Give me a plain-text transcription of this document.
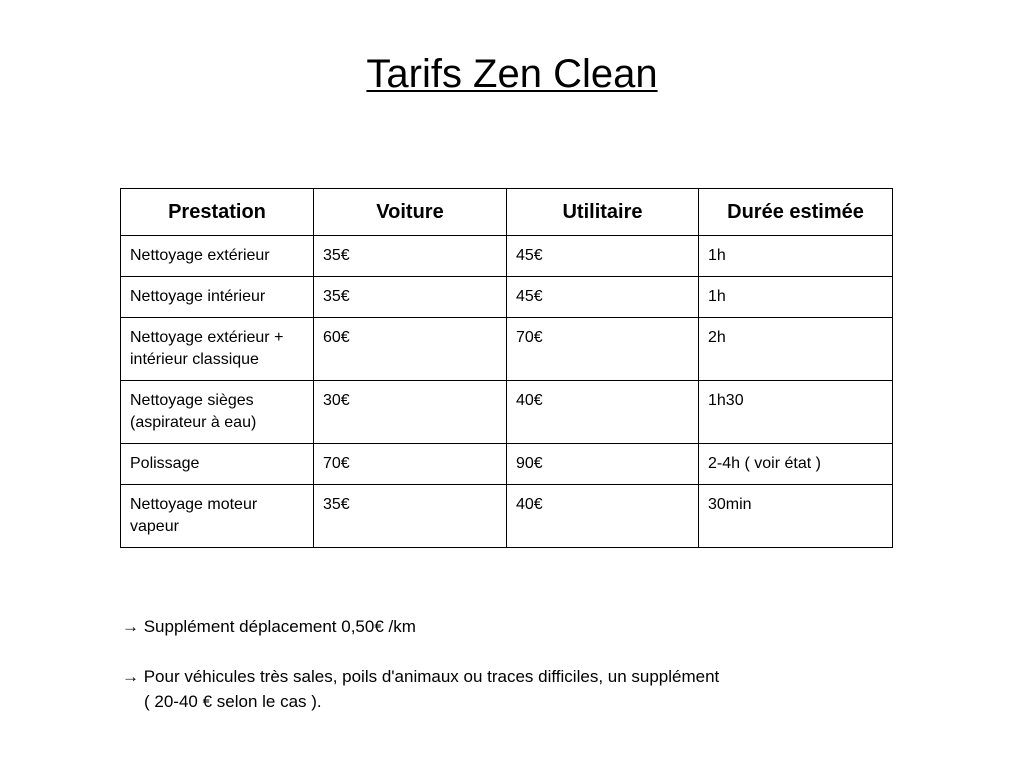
Tarifs Zen Clean
Prestation	Voiture	Utilitaire	Durée estimée
Nettoyage extérieur	35€	45€	1h
Nettoyage intérieur	35€	45€	1h
Nettoyage extérieur + intérieur classique	60€	70€	2h
Nettoyage sièges (aspirateur à eau)	30€	40€	1h30
Polissage	70€	90€	2-4h ( voir état )
Nettoyage moteur vapeur	35€	40€	30min
→ Supplément déplacement 0,50€ /km
→ Pour véhicules très sales, poils d'animaux ou traces difficiles, un supplément
( 20-40 € selon le cas ).
